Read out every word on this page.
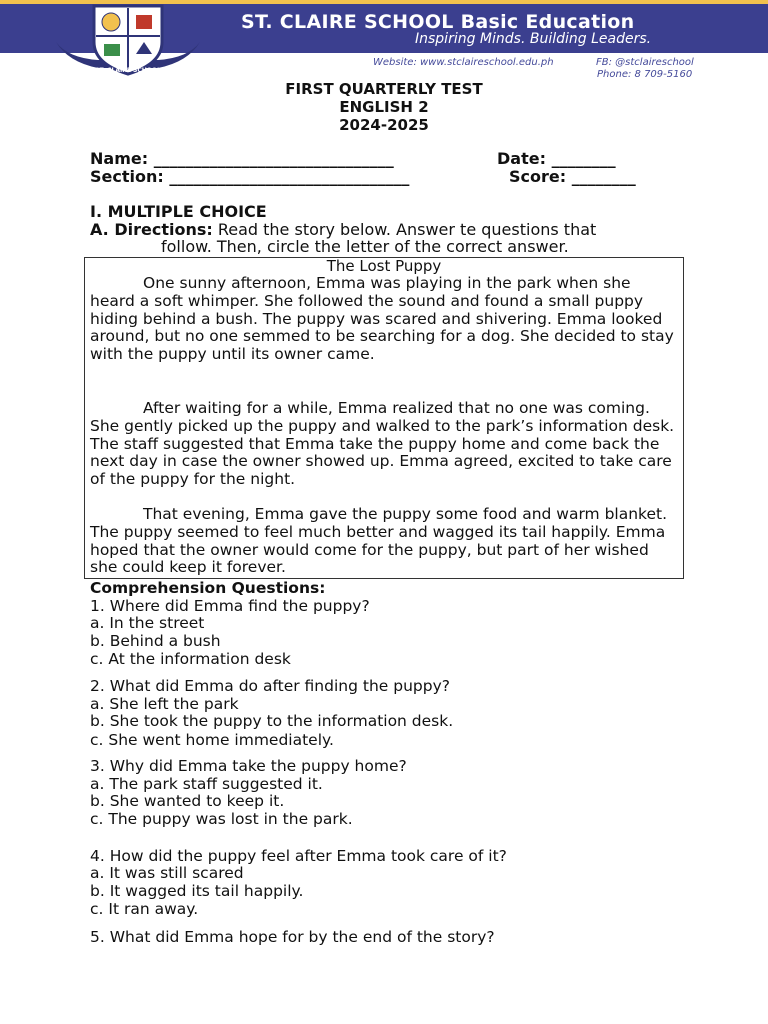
ST. CLAIRE SCHOOL Basic Education
Inspiring Minds. Building Leaders.
ST. CLAIRE SCHOOL
Website: www.stclaireschool.edu.ph	FB: @stclaireschool
Phone: 8 709-5160
FIRST QUARTERLY TEST
ENGLISH 2
2024-2025
Name: ______________________________	Date: ________
Section: ______________________________	Score: ________
I. MULTIPLE CHOICE
A. Directions: Read the story below. Answer te questions that
follow. Then, circle the letter of the correct answer.
The Lost Puppy
One sunny afternoon, Emma was playing in the park when she heard a soft whimper. She followed the sound and found a small puppy hiding behind a bush. The puppy was scared and shivering. Emma looked around, but no one semmed to be searching for a dog. She decided to stay with the puppy until its owner came.
After waiting for a while, Emma realized that no one was coming. She gently picked up the puppy and walked to the park’s information desk. The staff suggested that Emma take the puppy home and come back the next day in case the owner showed up. Emma agreed, excited to take care of the puppy for the night.
That evening, Emma gave the puppy some food and warm blanket. The puppy seemed to feel much better and wagged its tail happily. Emma hoped that the owner would come for the puppy, but part of her wished she could keep it forever.
Comprehension Questions:
1. Where did Emma find the puppy?
a. In the street
b. Behind a bush
c. At the information desk
2. What did Emma do after finding the puppy?
a. She left the park
b. She took the puppy to the information desk.
c. She went home immediately.
3. Why did Emma take the puppy home?
a. The park staff suggested it.
b. She wanted to keep it.
c. The puppy was lost in the park.
4. How did the puppy feel after Emma took care of it?
a. It was still scared
b. It wagged its tail happily.
c. It ran away.
5. What did Emma hope for by the end of the story?
